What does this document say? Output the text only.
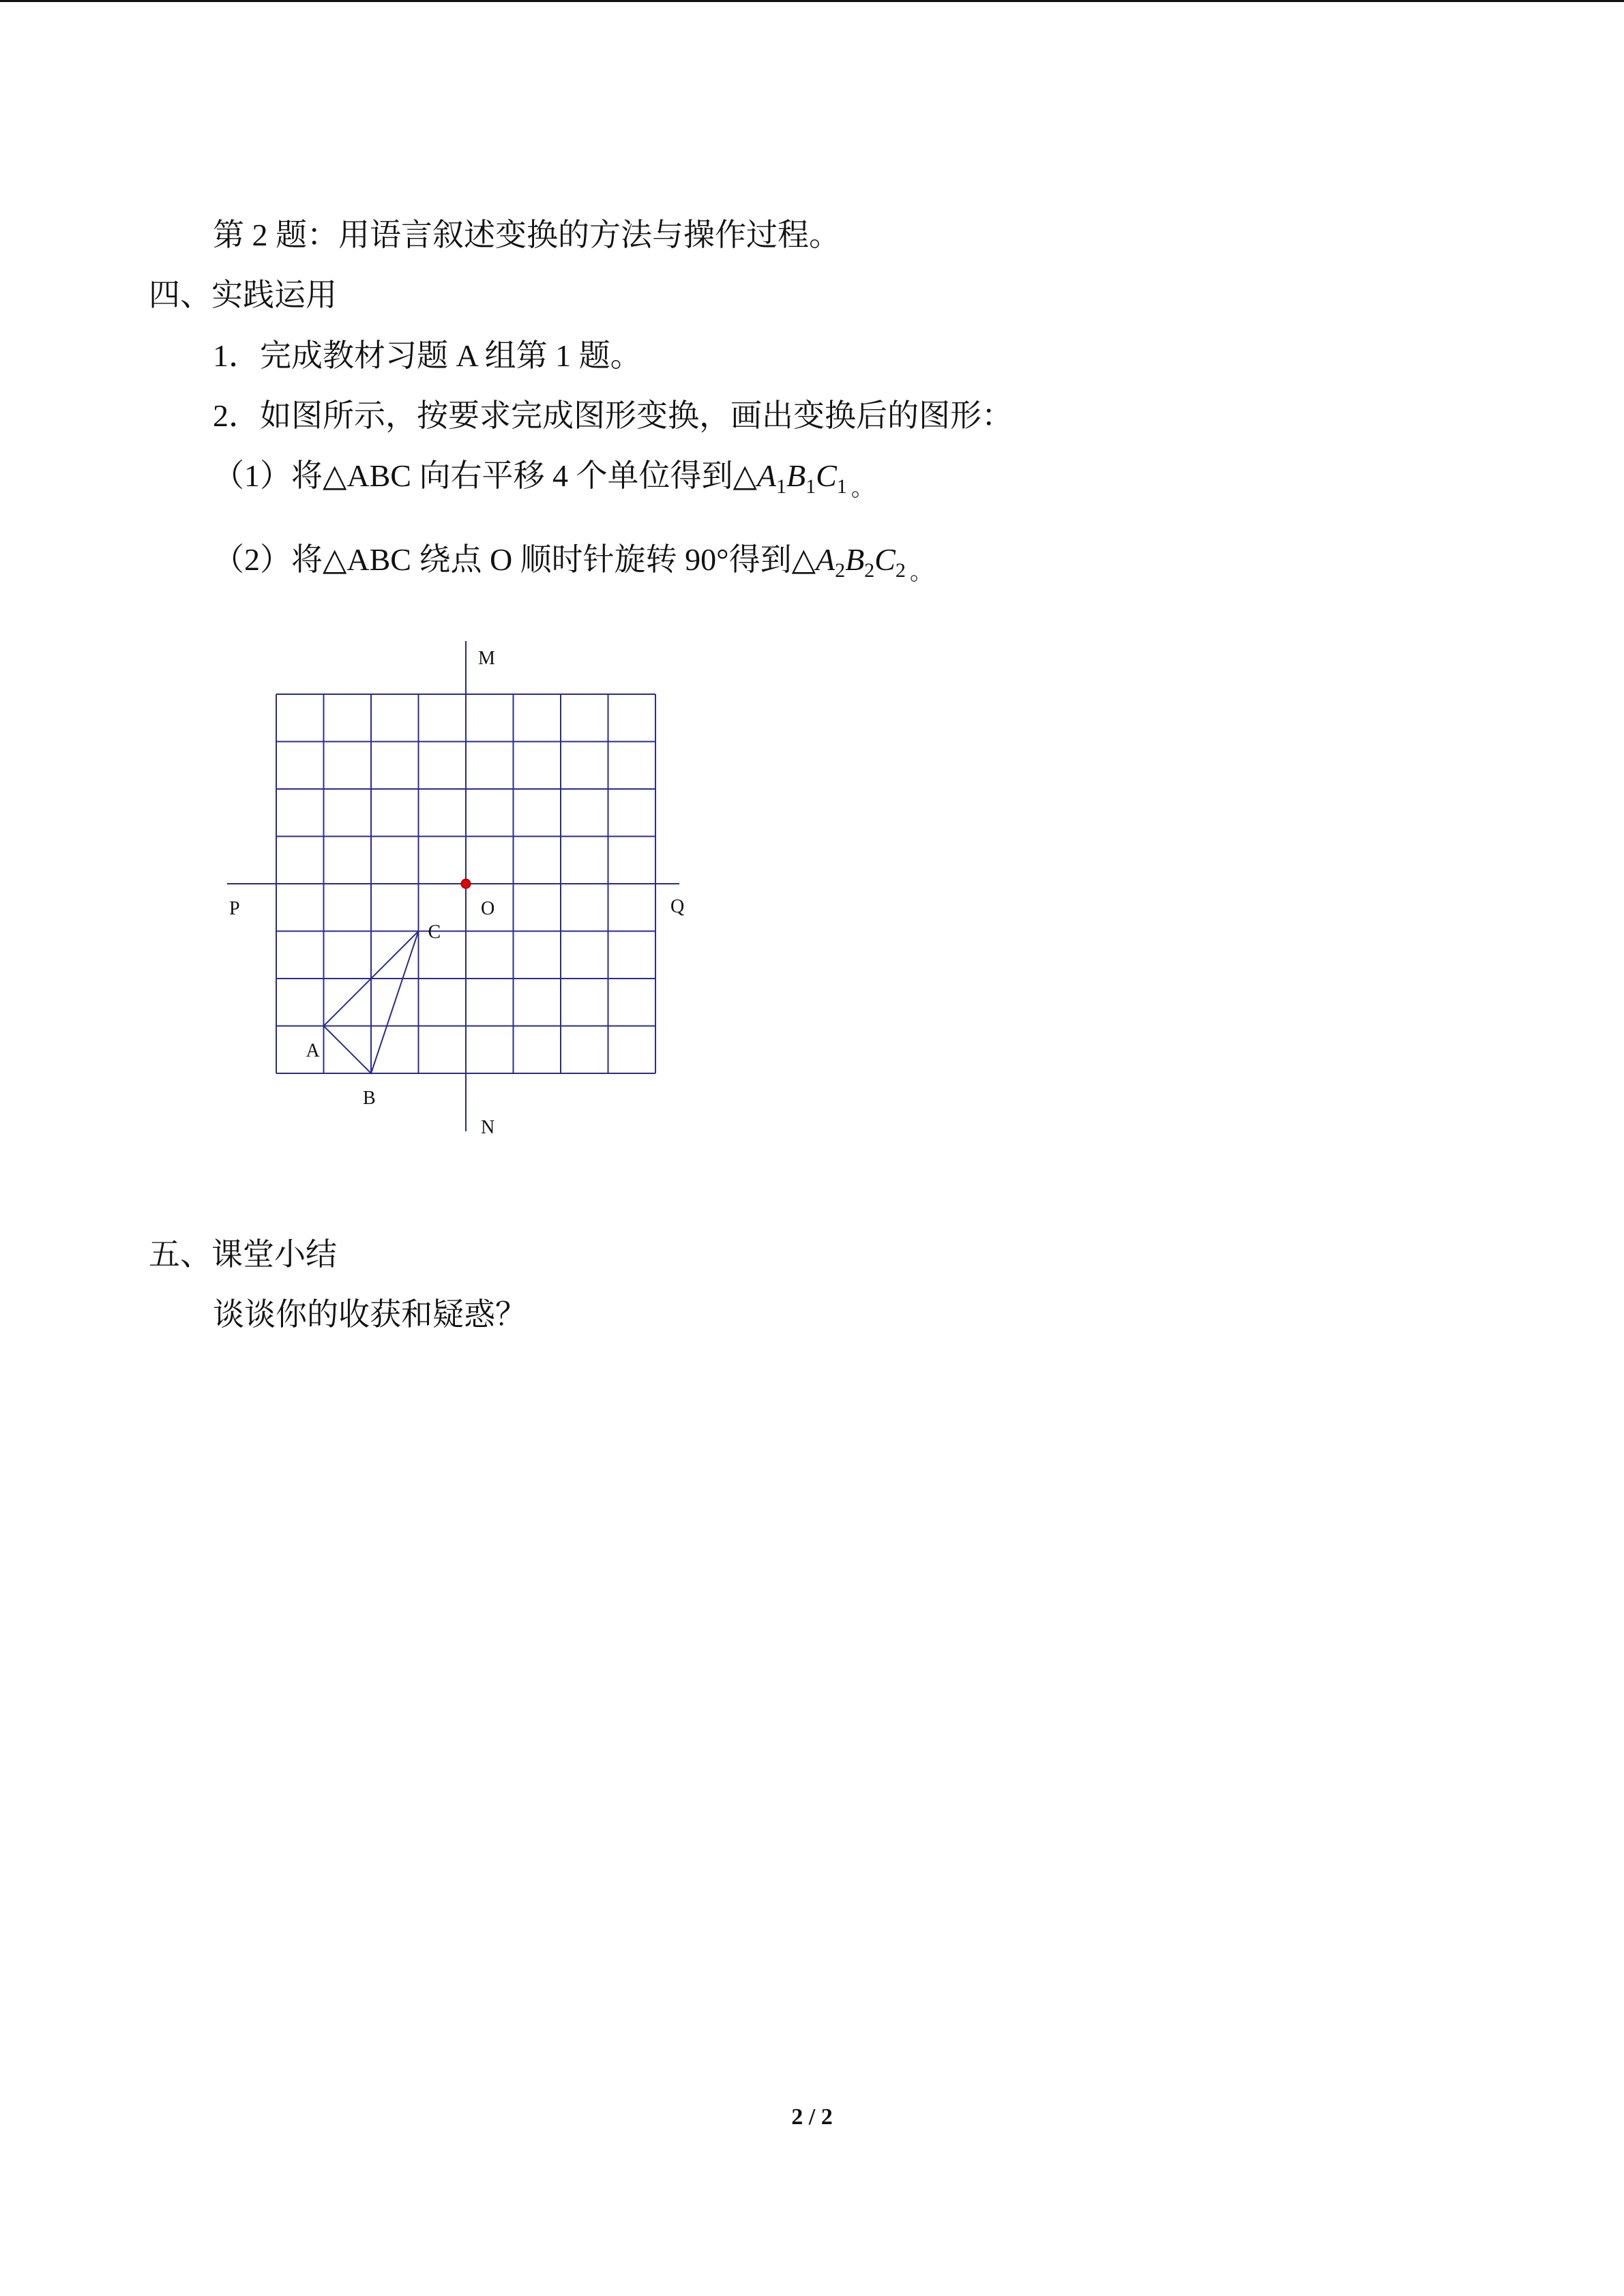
第 2 题：用语言叙述变换的方法与操作过程。
四、实践运用
1．完成教材习题 A 组第 1 题。
2．如图所示，按要求完成图形变换，画出变换后的图形：
（1）将△ABC 向右平移 4 个单位得到$\triangle A_1B_1C_1$ $_。$
（2）将△ABC 绕点 O 顺时针旋转 90°得到$\triangle A_2B_2C_2$ $_。$
M
N
P	Q
O
A
B
C
五、课堂小结
谈谈你的收获和疑惑？
2 / 2
